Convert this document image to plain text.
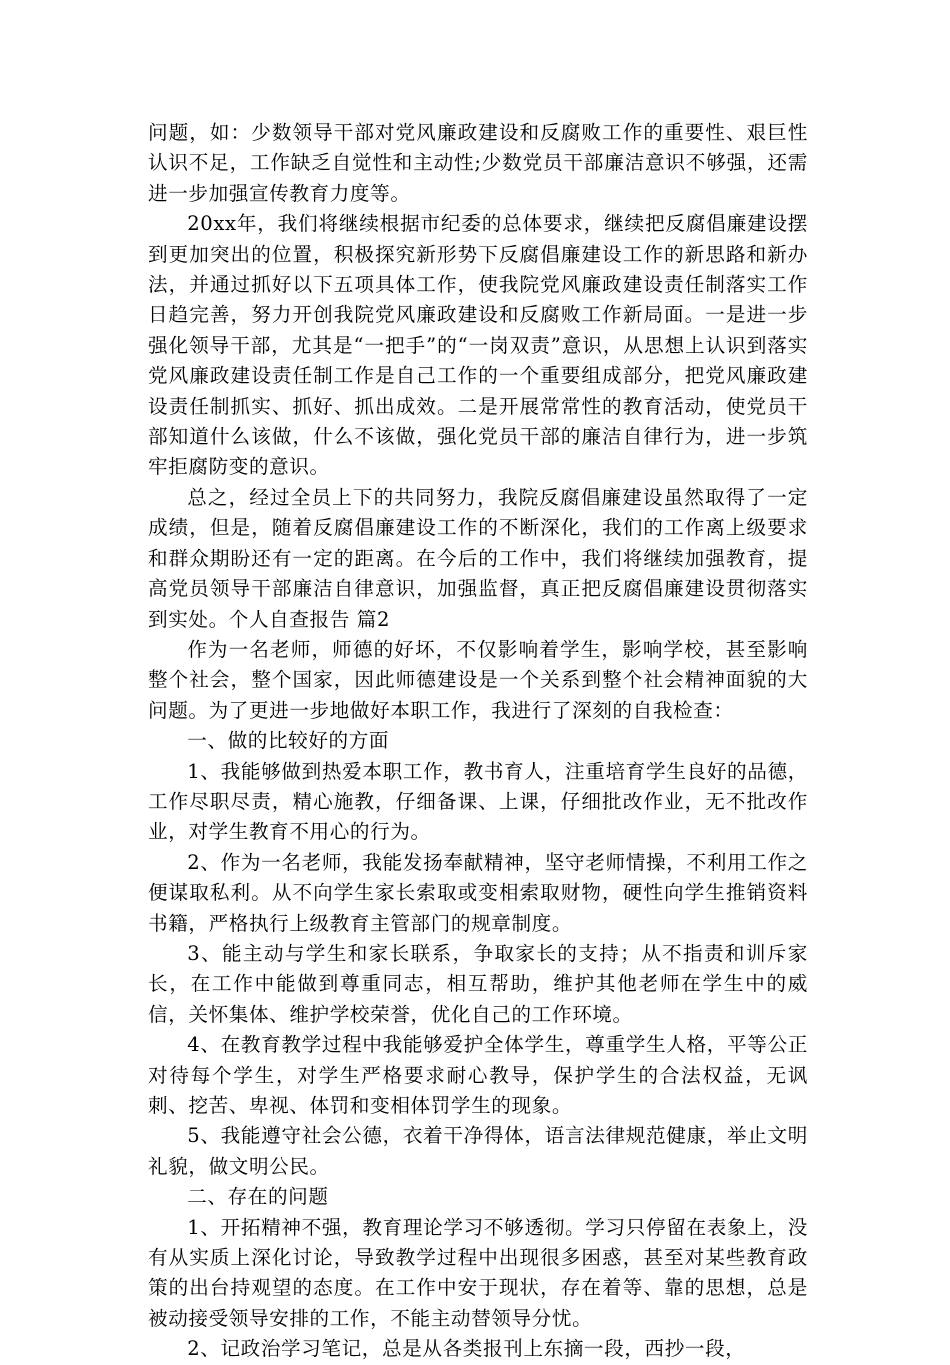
问题，如：少数领导干部对党风廉政建设和反腐败工作的重要性、艰巨性认识不足，工作缺乏自觉性和主动性;少数党员干部廉洁意识不够强，还需进一步加强宣传教育力度等。

20xx年，我们将继续根据市纪委的总体要求，继续把反腐倡廉建设摆到更加突出的位置，积极探究新形势下反腐倡廉建设工作的新思路和新办法，并通过抓好以下五项具体工作，使我院党风廉政建设责任制落实工作日趋完善，努力开创我院党风廉政建设和反腐败工作新局面。一是进一步强化领导干部，尤其是“一把手”的“一岗双责”意识，从思想上认识到落实党风廉政建设责任制工作是自己工作的一个重要组成部分，把党风廉政建设责任制抓实、抓好、抓出成效。二是开展常常性的教育活动，使党员干部知道什么该做，什么不该做，强化党员干部的廉洁自律行为，进一步筑牢拒腐防变的意识。

总之，经过全员上下的共同努力，我院反腐倡廉建设虽然取得了一定成绩，但是，随着反腐倡廉建设工作的不断深化，我们的工作离上级要求和群众期盼还有一定的距离。在今后的工作中，我们将继续加强教育，提高党员领导干部廉洁自律意识，加强监督，真正把反腐倡廉建设贯彻落实到实处。个人自查报告 篇2

作为一名老师，师德的好坏，不仅影响着学生，影响学校，甚至影响整个社会，整个国家，因此师德建设是一个关系到整个社会精神面貌的大问题。为了更进一步地做好本职工作，我进行了深刻的自我检查：

一、做的比较好的方面

1、我能够做到热爱本职工作，教书育人，注重培育学生良好的品德，工作尽职尽责，精心施教，仔细备课、上课，仔细批改作业，无不批改作业，对学生教育不用心的行为。

2、作为一名老师，我能发扬奉献精神，坚守老师情操，不利用工作之便谋取私利。从不向学生家长索取或变相索取财物，硬性向学生推销资料书籍，严格执行上级教育主管部门的规章制度。

3、能主动与学生和家长联系，争取家长的支持；从不指责和训斥家长，在工作中能做到尊重同志，相互帮助，维护其他老师在学生中的威信，关怀集体、维护学校荣誉，优化自己的工作环境。

4、在教育教学过程中我能够爱护全体学生，尊重学生人格，平等公正对待每个学生，对学生严格要求耐心教导，保护学生的合法权益，无讽刺、挖苦、卑视、体罚和变相体罚学生的现象。

5、我能遵守社会公德，衣着干净得体，语言法律规范健康，举止文明礼貌，做文明公民。

二、存在的问题

1、开拓精神不强，教育理论学习不够透彻。学习只停留在表象上，没有从实质上深化讨论，导致教学过程中出现很多困惑，甚至对某些教育政策的出台持观望的态度。在工作中安于现状，存在着等、靠的思想，总是被动接受领导安排的工作，不能主动替领导分忧。

2、记政治学习笔记，总是从各类报刊上东摘一段，西抄一段，
